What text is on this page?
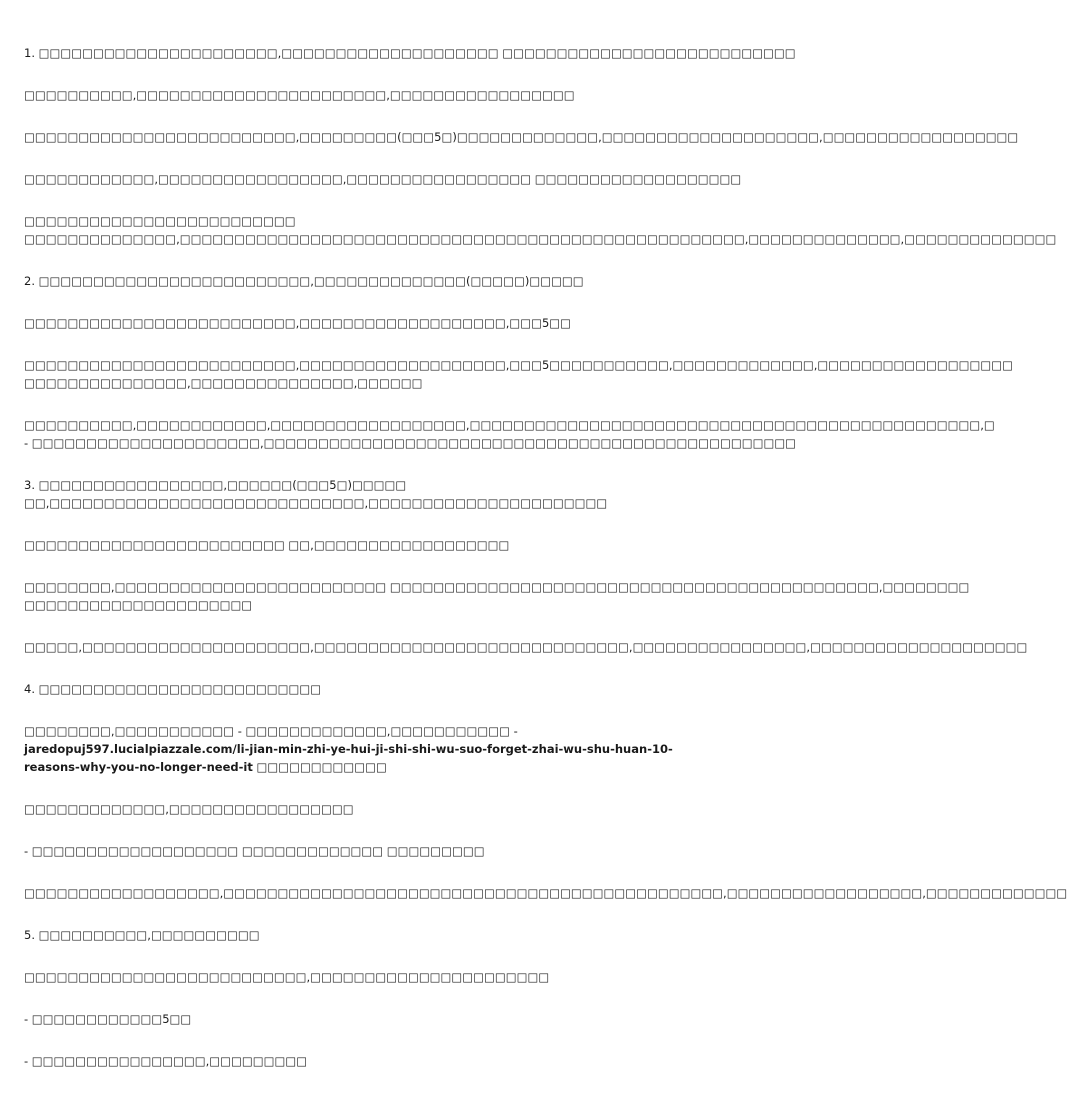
1. □□□□□□□□□□□□□□□□□□□□□□,□□□□□□□□□□□□□□□□□□□□ □□□□□□□□□□□□□□□□□□□□□□□□□□□

□□□□□□□□□□,□□□□□□□□□□□□□□□□□□□□□□□,□□□□□□□□□□□□□□□□□

□□□□□□□□□□□□□□□□□□□□□□□□□,□□□□□□□□□(□□□5□)□□□□□□□□□□□□□,□□□□□□□□□□□□□□□□□□□□,□□□□□□□□□□□□□□□□□□

□□□□□□□□□□□□,□□□□□□□□□□□□□□□□□,□□□□□□□□□□□□□□□□□ □□□□□□□□□□□□□□□□□□□

□□□□□□□□□□□□□□□□□□□□□□□□□
□□□□□□□□□□□□□□,□□□□□□□□□□□□□□□□□□□□□□□□□□□□□□□□□□□□□□□□□□□□□□□□□□□□,□□□□□□□□□□□□□□,□□□□□□□□□□□□□□

2. □□□□□□□□□□□□□□□□□□□□□□□□□,□□□□□□□□□□□□□□(□□□□□)□□□□□

□□□□□□□□□□□□□□□□□□□□□□□□□,□□□□□□□□□□□□□□□□□□□,□□□5□□

□□□□□□□□□□□□□□□□□□□□□□□□□,□□□□□□□□□□□□□□□□□□□,□□□5□□□□□□□□□□□,□□□□□□□□□□□□□,□□□□□□□□□□□□□□□□□□
□□□□□□□□□□□□□□□,□□□□□□□□□□□□□□□,□□□□□□

□□□□□□□□□□,□□□□□□□□□□□□,□□□□□□□□□□□□□□□□□□,□□□□□□□□□□□□□□□□□□□□□□□□□□□□□□□□□□□□□□□□□□□□□□□,□
- □□□□□□□□□□□□□□□□□□□□□,□□□□□□□□□□□□□□□□□□□□□□□□□□□□□□□□□□□□□□□□□□□□□□□□□

3. □□□□□□□□□□□□□□□□□,□□□□□□(□□□5□)□□□□□
□□,□□□□□□□□□□□□□□□□□□□□□□□□□□□□□,□□□□□□□□□□□□□□□□□□□□□□

□□□□□□□□□□□□□□□□□□□□□□□□ □□,□□□□□□□□□□□□□□□□□□

□□□□□□□□,□□□□□□□□□□□□□□□□□□□□□□□□□ □□□□□□□□□□□□□□□□□□□□□□□□□□□□□□□□□□□□□□□□□□□□□,□□□□□□□□
□□□□□□□□□□□□□□□□□□□□□

□□□□□,□□□□□□□□□□□□□□□□□□□□□,□□□□□□□□□□□□□□□□□□□□□□□□□□□□□,□□□□□□□□□□□□□□□□,□□□□□□□□□□□□□□□□□□□□

4. □□□□□□□□□□□□□□□□□□□□□□□□□□

□□□□□□□□,□□□□□□□□□□□ - □□□□□□□□□□□□□,□□□□□□□□□□□ - jaredopuj597.lucialpiazzale.com/li-jian-min-zhi-ye-hui-ji-shi-shi-wu-suo-forget-zhai-wu-shu-huan-10-reasons-why-you-no-longer-need-it □□□□□□□□□□□□

□□□□□□□□□□□□□,□□□□□□□□□□□□□□□□□

- □□□□□□□□□□□□□□□□□□□ □□□□□□□□□□□□□ □□□□□□□□□

□□□□□□□□□□□□□□□□□□,□□□□□□□□□□□□□□□□□□□□□□□□□□□□□□□□□□□□□□□□□□□□□□,□□□□□□□□□□□□□□□□□□,□□□□□□□□□□□□□

5. □□□□□□□□□□,□□□□□□□□□□

□□□□□□□□□□□□□□□□□□□□□□□□□□,□□□□□□□□□□□□□□□□□□□□□□

- □□□□□□□□□□□□5□□

- □□□□□□□□□□□□□□□□,□□□□□□□□□
